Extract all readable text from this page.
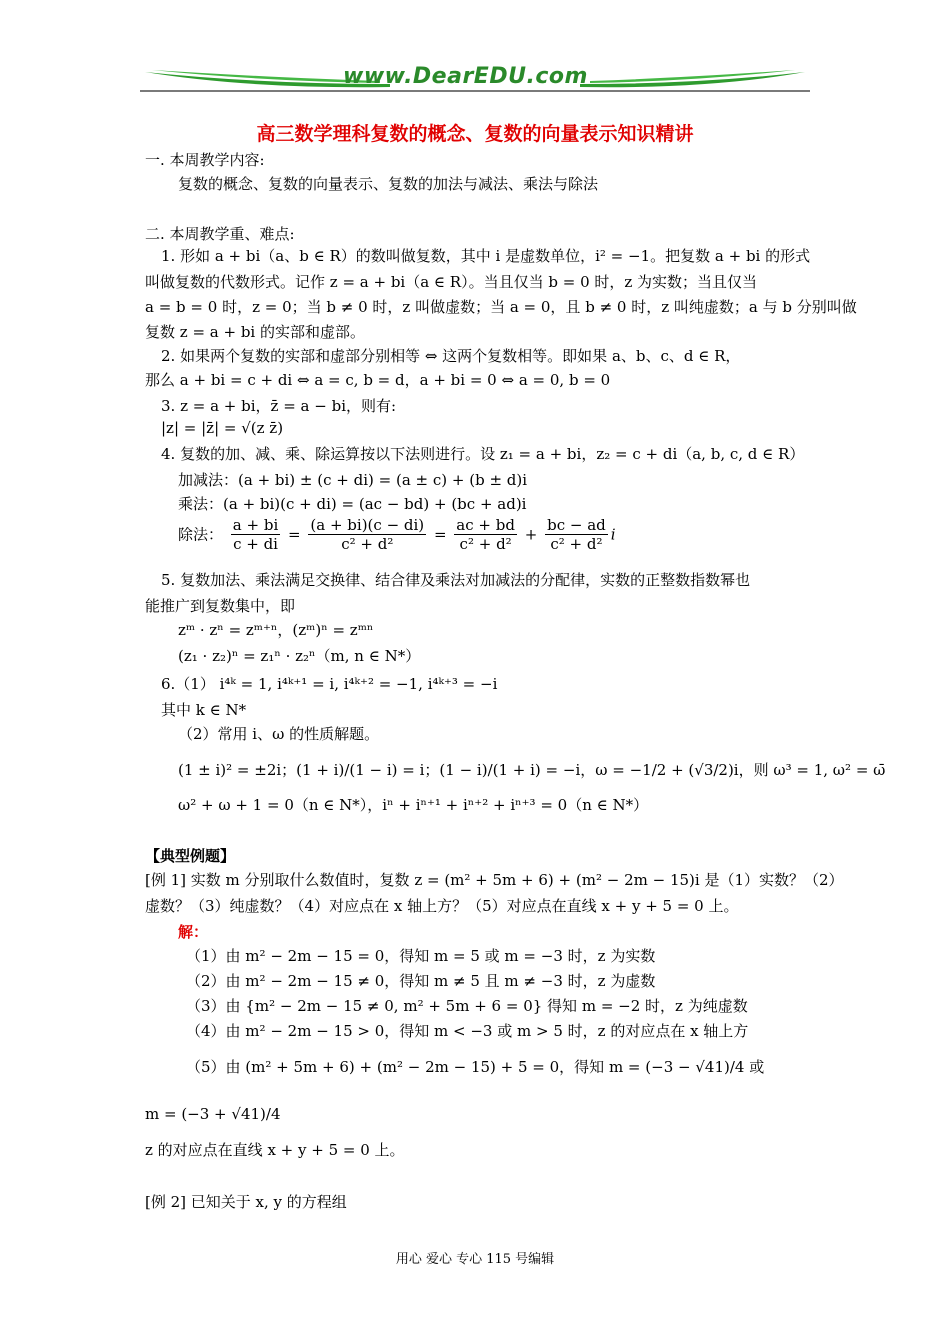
www.DearEDU.com
高三数学理科复数的概念、复数的向量表示知识精讲
一. 本周教学内容:
复数的概念、复数的向量表示、复数的加法与减法、乘法与除法
二. 本周教学重、难点:
1. 形如 a + bi（a、b ∈ R）的数叫做复数，其中 i 是虚数单位，i² = −1。把复数 a + bi 的形式
叫做复数的代数形式。记作 z = a + bi（a ∈ R）。当且仅当 b = 0 时，z 为实数；当且仅当
a = b = 0 时，z = 0；当 b ≠ 0 时，z 叫做虚数；当 a = 0，且 b ≠ 0 时，z 叫纯虚数；a 与 b 分别叫做
复数 z = a + bi 的实部和虚部。
2. 如果两个复数的实部和虚部分别相等 ⇔ 这两个复数相等。即如果 a、b、c、d ∈ R，
那么 a + bi = c + di ⇔ a = c, b = d，a + bi = 0 ⇔ a = 0, b = 0
3. z = a + bi，z̄ = a − bi，则有:
|z| = |z̄| = √(z z̄)
4. 复数的加、减、乘、除运算按以下法则进行。设 z₁ = a + bi，z₂ = c + di（a, b, c, d ∈ R）
加减法：(a + bi) ± (c + di) = (a ± c) + (b ± d)i
乘法：(a + bi)(c + di) = (ac − bd) + (bc + ad)i
除法： $\frac{a + bi}{c + di} = \frac{(a + bi)(c - di)}{\text{c² + d²}} = \frac{ac + bd}{\text{c² + d²}} + \frac{bc - ad}{\text{c² + d²}}$ i
5. 复数加法、乘法满足交换律、结合律及乘法对加减法的分配律，实数的正整数指数幂也
能推广到复数集中，即
zᵐ · zⁿ = zᵐ⁺ⁿ，(zᵐ)ⁿ = zᵐⁿ
(z₁ · z₂)ⁿ = z₁ⁿ · z₂ⁿ（m, n ∈ N*）
6.（1） i⁴ᵏ = 1, i⁴ᵏ⁺¹ = i, i⁴ᵏ⁺² = −1, i⁴ᵏ⁺³ = −i
其中 k ∈ N*
（2）常用 i、ω 的性质解题。
(1 ± i)² = ±2i；(1 + i)/(1 − i) = i；(1 − i)/(1 + i) = −i，ω = −1/2 + (√3/2)i，则 ω³ = 1, ω² = ω̄
ω² + ω + 1 = 0（n ∈ N*），iⁿ + iⁿ⁺¹ + iⁿ⁺² + iⁿ⁺³ = 0（n ∈ N*）
【典型例题】
[例 1] 实数 m 分别取什么数值时，复数 z = (m² + 5m + 6) + (m² − 2m − 15)i 是（1）实数？（2）
虚数？（3）纯虚数？（4）对应点在 x 轴上方？（5）对应点在直线 x + y + 5 = 0 上。
解：
（1）由 m² − 2m − 15 = 0，得知 m = 5 或 m = −3 时，z 为实数
（2）由 m² − 2m − 15 ≠ 0，得知 m ≠ 5 且 m ≠ −3 时，z 为虚数
（3）由 {m² − 2m − 15 ≠ 0, m² + 5m + 6 = 0} 得知 m = −2 时，z 为纯虚数
（4）由 m² − 2m − 15 > 0，得知 m < −3 或 m > 5 时，z 的对应点在 x 轴上方
（5）由 (m² + 5m + 6) + (m² − 2m − 15) + 5 = 0，得知 m = (−3 − √41)/4 或
m = (−3 + √41)/4
z 的对应点在直线 x + y + 5 = 0 上。
[例 2] 已知关于 x, y 的方程组
用心 爱心 专心 115 号编辑
